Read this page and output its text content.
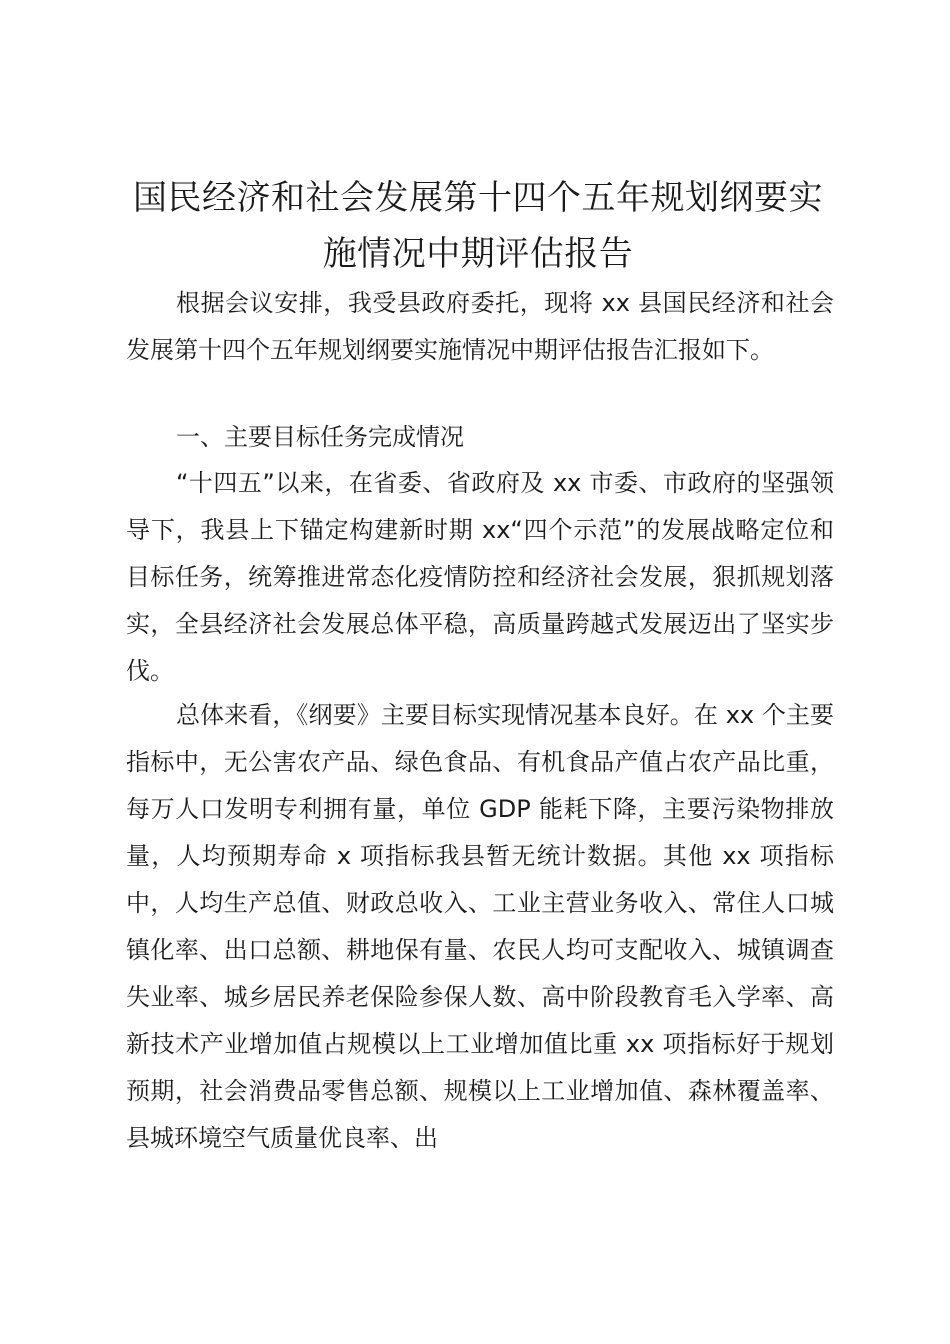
国民经济和社会发展第十四个五年规划纲要实施情况中期评估报告

根据会议安排，我受县政府委托，现将 xx 县国民经济和社会发展第十四个五年规划纲要实施情况中期评估报告汇报如下。

一、主要目标任务完成情况

“十四五”以来，在省委、省政府及 xx 市委、市政府的坚强领导下，我县上下锚定构建新时期 xx“四个示范”的发展战略定位和目标任务，统筹推进常态化疫情防控和经济社会发展，狠抓规划落实，全县经济社会发展总体平稳，高质量跨越式发展迈出了坚实步伐。

总体来看，《纲要》主要目标实现情况基本良好。在 xx 个主要指标中，无公害农产品、绿色食品、有机食品产值占农产品比重，每万人口发明专利拥有量，单位 GDP 能耗下降，主要污染物排放量，人均预期寿命 x 项指标我县暂无统计数据。其他 xx 项指标中，人均生产总值、财政总收入、工业主营业务收入、常住人口城镇化率、出口总额、耕地保有量、农民人均可支配收入、城镇调查失业率、城乡居民养老保险参保人数、高中阶段教育毛入学率、高新技术产业增加值占规模以上工业增加值比重 xx 项指标好于规划预期，社会消费品零售总额、规模以上工业增加值、森林覆盖率、县城环境空气质量优良率、出
